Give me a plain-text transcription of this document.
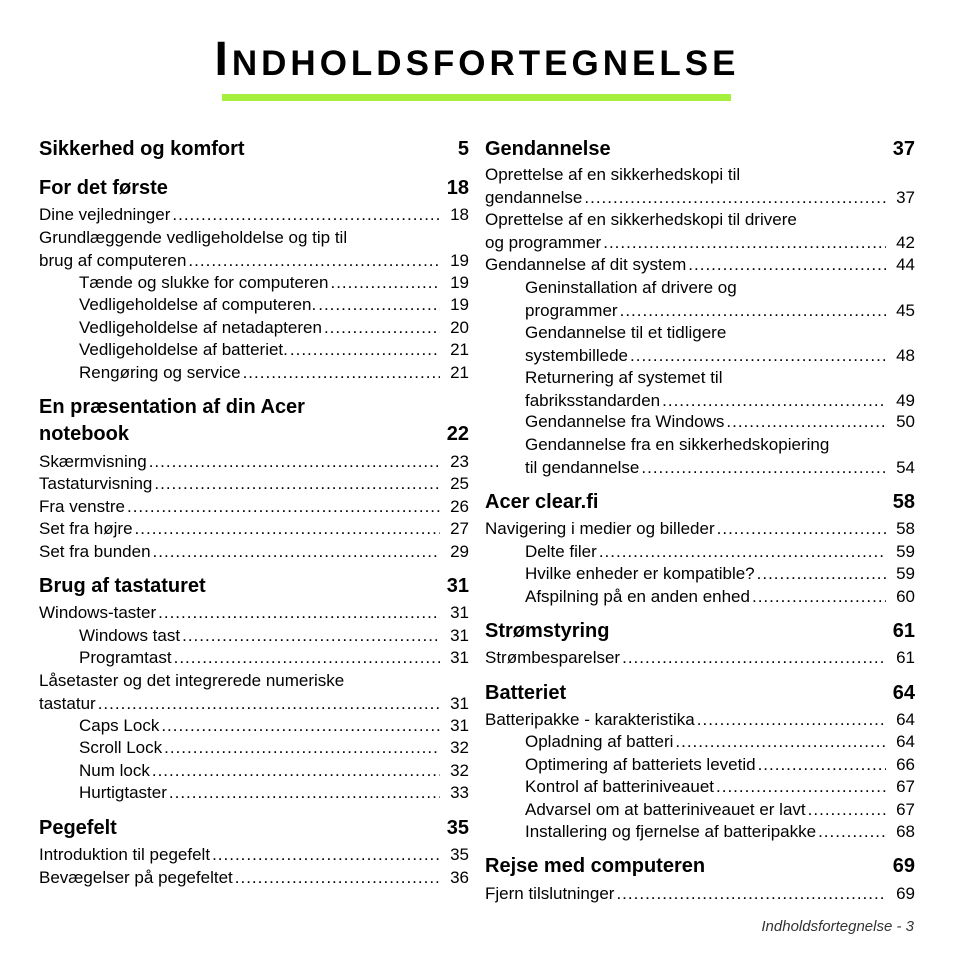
INDHOLDSFORTEGNELSE
Sikkerhed og komfort	5
For det første	18
Dine vejledninger .....	18
Grundlæggende vedligeholdelse og tip til
brug af computeren .....	19
Tænde og slukke for computeren .....	19
Vedligeholdelse af computeren. .....	19
Vedligeholdelse af netadapteren .....	20
Vedligeholdelse af batteriet. .....	21
Rengøring og service .....	21
En præsentation af din Acer
notebook	22
Skærmvisning .....	23
Tastaturvisning .....	25
Fra venstre .....	26
Set fra højre .....	27
Set fra bunden .....	29
Brug af tastaturet	31
Windows-taster .....	31
Windows tast .....	31
Programtast .....	31
Låsetaster og det integrerede numeriske
tastatur .....	31
Caps Lock .....	31
Scroll Lock .....	32
Num lock .....	32
Hurtigtaster .....	33
Pegefelt	35
Introduktion til pegefelt .....	35
Bevægelser på pegefeltet .....	36
Gendannelse	37
Oprettelse af en sikkerhedskopi til
gendannelse .....	37
Oprettelse af en sikkerhedskopi til drivere
og programmer .....	42
Gendannelse af dit system .....	44
Geninstallation af drivere og
programmer .....	45
Gendannelse til et tidligere
systembillede .....	48
Returnering af systemet til
fabriksstandarden .....	49
Gendannelse fra Windows .....	50
Gendannelse fra en sikkerhedskopiering
til gendannelse .....	54
Acer clear.fi	58
Navigering i medier og billeder .....	58
Delte filer .....	59
Hvilke enheder er kompatible? .....	59
Afspilning på en anden enhed .....	60
Strømstyring	61
Strømbesparelser .....	61
Batteriet	64
Batteripakke - karakteristika .....	64
Opladning af batteri .....	64
Optimering af batteriets levetid .....	66
Kontrol af batteriniveauet .....	67
Advarsel om at batteriniveauet er lavt .....	67
Installering og fjernelse af batteripakke .....	68
Rejse med computeren	69
Fjern tilslutninger .....	69
Indholdsfortegnelse - 3
